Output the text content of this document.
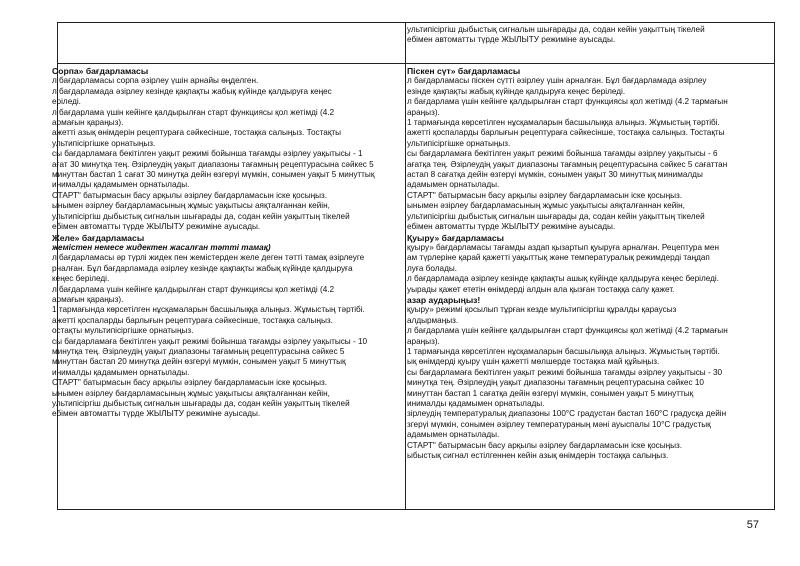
ультипісіргіш дыбыстық сигналын шығарады да, содан кейін уақыттың тікелей
ебімен автоматты түрде ЖЫЛЫТУ режиміне ауысады.
Сорпа» бағдарламасы
л бағдарламасы сорпа әзірлеу үшін арнайы өңделген.
л бағдарламада әзірлеу кезінде қақпақты жабық күйінде қалдыруға кеңес
еріледі.
л бағдарлама үшін кейінге қалдырылған старт функциясы қол жетімді (4.2
армағын қараңыз).
ажетті азық өнімдерін рецептураға сәйкесінше, тостақка салыңыз. Тостақты
ультипісіргішке орнатыңыз.
сы бағдарламаға бекітілген уақыт режимі бойынша тағамды әзірлеу уақытысы - 1
ағат 30 минутқа тең. Әзірлеудің уақыт диапазоны тағамның рецептурасына сәйкес 5
минуттан бастап 1 сағат 30 минутқа дейін өзгерүі мүмкін, сонымен уақыт 5 минуттық
инималды қадамымен орнатылады.
СТАРТ" батырмасын басу арқылы әзірлеу бағдарламасын іске қосыңыз.
ынымен әзірлеу бағдарламасының жұмыс уақытысы аяқталғаннан кейін,
ультипісіргіш дыбыстық сигналын шығарады да, содан кейін уақыттың тікелей
ебімен автоматты түрде ЖЫЛЫТУ режиміне ауысады.
Желе» бағдарламасы
жемістен немесе жидектен жасалған тәтті тамақ)
л бағдарламасы әр түрлі жидек пен жемістерден желе деген тәтті тамақ әзірлеуге
рналған. Бұл бағдарламада әзірлеу кезінде қақпақты жабық күйінде қалдыруға
кеңес беріледі.
л бағдарлама үшін кейінге қалдырылған старт функциясы қол жетімді (4.2
армағын қараңыз).
1 тармағында көрсетілген нұсқамаларын басшылыққа алыңыз. Жұмыстың тәртібі.
ажетті қоспаларды барлығын рецептураға сәйкесінше, тостақка салыңыз.
остақты мультипісіргішке орнатыңыз.
сы бағдарламаға бекітілген уақыт режимі бойынша тағамды әзірлеу уақытысы - 10
минутқа тең. Әзірлеудің уақыт диапазоны тағамның рецептурасына сәйкес 5
минуттан бастап 20 минутқа дейін өзгерүі мүмкін, сонымен уақыт 5 минуттық
инималды қадамымен орнатылады.
СТАРТ" батырмасын басу арқылы әзірлеу бағдарламасын іске қосыңыз.
ынымен әзірлеу бағдарламасының жұмыс уақытысы аяқталғаннан кейін,
ультипісіргіш дыбыстық сигналын шығарады да, содан кейін уақыттың тікелей
ебімен автоматты түрде ЖЫЛЫТУ режиміне ауысады.
Піскен сүт» бағдарламасы
л бағдарламасы піскен сүтті әзірлеу үшін арналған. Бұл бағдарламада әзірлеу
езінде қақпақты жабық күйінде қалдыруға кеңес беріледі.
л бағдарлама үшін кейінге қалдырылған старт функциясы қол жетімді (4.2 тармағын
араңыз).
1 тармағында көрсетілген нұсқамаларын басшылыққа алыңыз. Жұмыстың тәртібі.
ажетті қоспаларды барлығын рецептураға сәйкесінше, тостақка салыңыз. Тостақты
ультипісіргішке орнатыңыз.
сы бағдарламаға бекітілген уақыт режимі бойынша тағамды әзірлеу уақытысы - 6
ағатқа тең. Әзірлеудің уақыт диапазоны тағамның рецептурасына сәйкес 5 сағаттан
астап 8 сағатқа дейін өзгерүі мүмкін, сонымен уақыт 30 минуттық минималды
адамымен орнатылады.
СТАРТ" батырмасын басу арқылы әзірлеу бағдарламасын іске қосыңыз.
ынымен әзірлеу бағдарламасының жұмыс уақытысы аяқталғаннан кейін,
ультипісіргіш дыбыстық сигналын шығарады да, содан кейін уақыттың тікелей
ебімен автоматты түрде ЖЫЛЫТУ режиміне ауысады.
Қуыру» бағдарламасы
қуыру» бағдарламасы тағамды аздап қызартып қуыруға арналған. Рецептура мен
ам түрлеріне қарай қажетті уақыттық және температуралық режимдерді таңдап
луға болады.
л бағдарламада әзірлеу кезінде қақпақты ашық күйінде қалдыруға кеңес беріледі.
уырады қажет ететін өнімдерді алдын ала қызған тостаққа салу қажет.
азар аударыңыз!
қуыру» режимі қосылып тұрған кезде мультипісіргіш құралды қараусыз
алдырмаңыз.
л бағдарлама үшін кейінге қалдырылған старт функциясы қол жетімді (4.2 тармағын
араңыз).
1 тармағында көрсетілген нұсқамаларын басшылыққа алыңыз. Жұмыстың тәртібі.
ық өнімдерді қуыру үшін қажетті мөлшерде тостақка май құйыңыз.
сы бағдарламаға бекітілген уақыт режимі бойынша тағамды әзірлеу уақытысы - 30
минутқа тең. Әзірлеудің уақыт диапазоны тағамның рецептурасына сәйкес 10
минуттан бастап 1 сағатқа дейін өзгерүі мүмкін, сонымен уақыт 5 минуттық
инималды қадамымен орнатылады.
зірлеудің температуралық диапазоны 100°C градустан бастап 160°C градусқа дейін
згерүі мүмкін, сонымен әзірлеу температураның мәні ауыспалы 10°C градустық
адамымен орнатылады.
СТАРТ" батырмасын басу арқылы әзірлеу бағдарламасын іске қосыңыз.
ыбыстық сигнал естілгеннен кейін азық өнімдерін тостаққа салыңыз.
57
